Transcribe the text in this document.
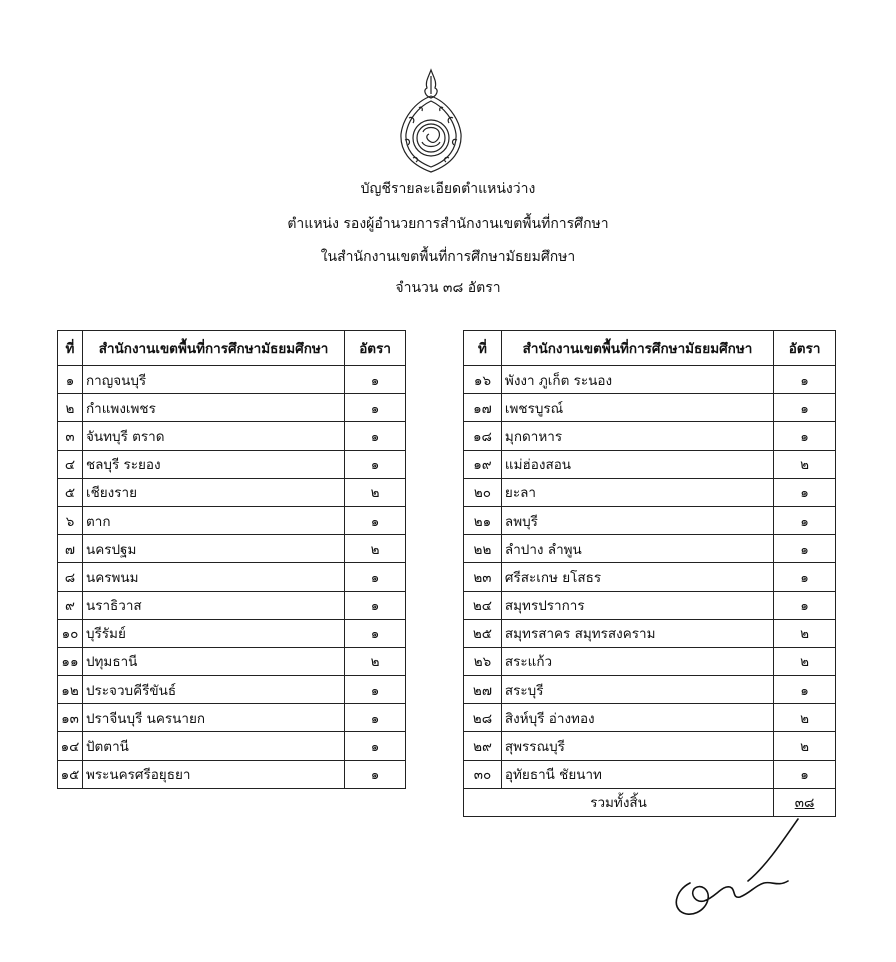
บัญชีรายละเอียดตำแหน่งว่าง
ตำแหน่ง รองผู้อำนวยการสำนักงานเขตพื้นที่การศึกษา
ในสำนักงานเขตพื้นที่การศึกษามัธยมศึกษา
จำนวน ๓๘ อัตรา
ที่	สำนักงานเขตพื้นที่การศึกษามัธยมศึกษา	อัตรา
๑	กาญจนบุรี	๑
๒	กำแพงเพชร	๑
๓	จันทบุรี ตราด	๑
๔	ชลบุรี ระยอง	๑
๕	เชียงราย	๒
๖	ตาก	๑
๗	นครปฐม	๒
๘	นครพนม	๑
๙	นราธิวาส	๑
๑๐	บุรีรัมย์	๑
๑๑	ปทุมธานี	๒
๑๒	ประจวบคีรีขันธ์	๑
๑๓	ปราจีนบุรี นครนายก	๑
๑๔	ปัตตานี	๑
๑๕	พระนครศรีอยุธยา	๑
ที่	สำนักงานเขตพื้นที่การศึกษามัธยมศึกษา	อัตรา
๑๖	พังงา ภูเก็ต ระนอง	๑
๑๗	เพชรบูรณ์	๑
๑๘	มุกดาหาร	๑
๑๙	แม่ฮ่องสอน	๒
๒๐	ยะลา	๑
๒๑	ลพบุรี	๑
๒๒	ลำปาง ลำพูน	๑
๒๓	ศรีสะเกษ ยโสธร	๑
๒๔	สมุทรปราการ	๑
๒๕	สมุทรสาคร สมุทรสงคราม	๒
๒๖	สระแก้ว	๒
๒๗	สระบุรี	๑
๒๘	สิงห์บุรี อ่างทอง	๒
๒๙	สุพรรณบุรี	๒
๓๐	อุทัยธานี ชัยนาท	๑
รวมทั้งสิ้น		๓๘
